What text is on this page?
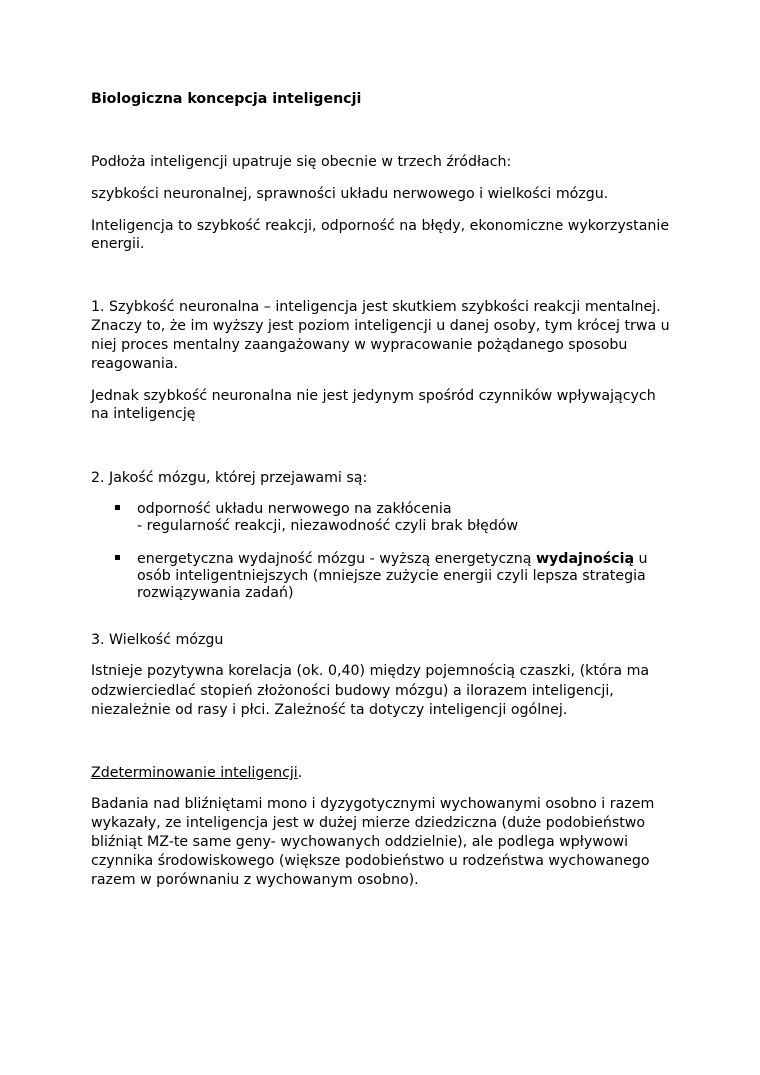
Biologiczna koncepcja inteligencji
Podłoża inteligencji upatruje się obecnie w trzech źródłach:
szybkości neuronalnej, sprawności układu nerwowego i wielkości mózgu.
Inteligencja to szybkość reakcji, odporność na błędy, ekonomiczne wykorzystanie
energii.
1. Szybkość neuronalna – inteligencja jest skutkiem szybkości reakcji mentalnej.
Znaczy to, że im wyższy jest poziom inteligencji u danej osoby, tym krócej trwa u
niej proces mentalny zaangażowany w wypracowanie pożądanego sposobu
reagowania.
Jednak szybkość neuronalna nie jest jedynym spośród czynników wpływających
na inteligencję
2. Jakość mózgu, której przejawami są:
odporność układu nerwowego na zakłócenia
- regularność reakcji, niezawodność czyli brak błędów
energetyczna wydajność mózgu - wyższą energetyczną wydajnością u
osób inteligentniejszych (mniejsze zużycie energii czyli lepsza strategia
rozwiązywania zadań)
3. Wielkość mózgu
Istnieje pozytywna korelacja (ok. 0,40) między pojemnością czaszki, (która ma
odzwierciedlać stopień złożoności budowy mózgu) a ilorazem inteligencji,
niezależnie od rasy i płci. Zależność ta dotyczy inteligencji ogólnej.
Zdeterminowanie inteligencji.
Badania nad bliźniętami mono i dyzygotycznymi wychowanymi osobno i razem
wykazały, ze inteligencja jest w dużej mierze dziedziczna (duże podobieństwo
bliźniąt MZ-te same geny- wychowanych oddzielnie), ale podlega wpływowi
czynnika środowiskowego (większe podobieństwo u rodzeństwa wychowanego
razem w porównaniu z wychowanym osobno).
